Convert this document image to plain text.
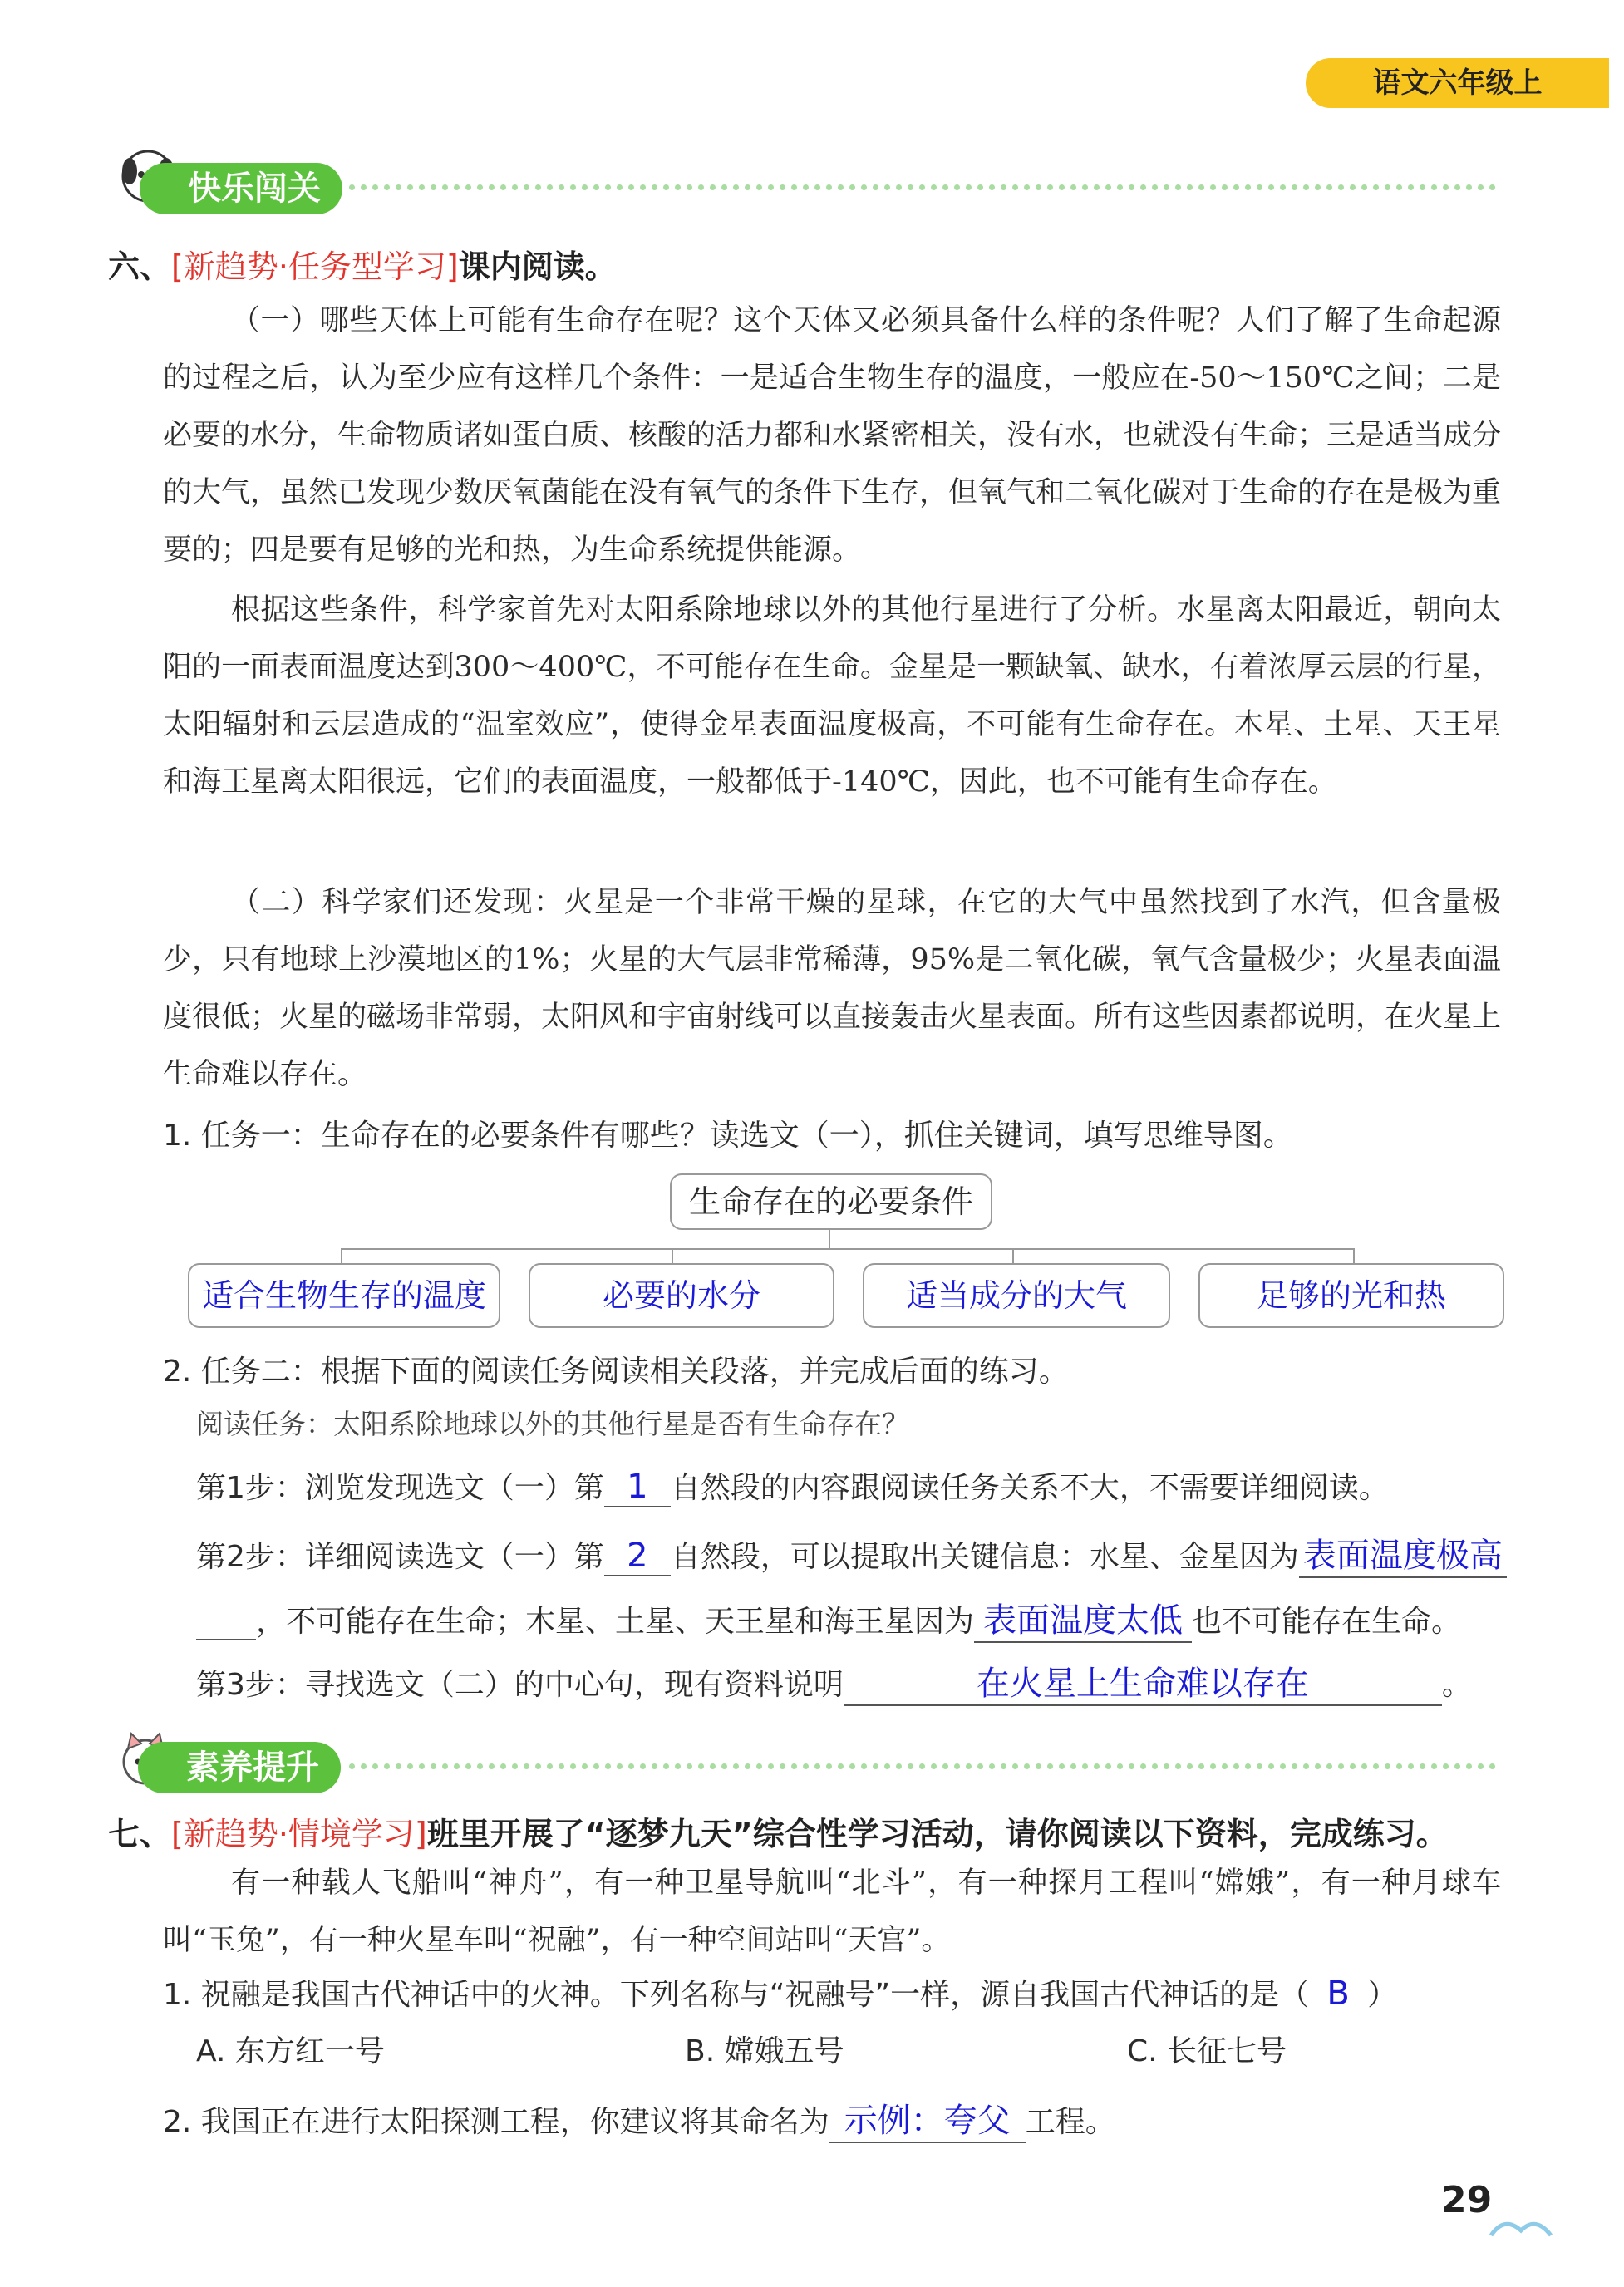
语文六年级上
快乐闯关
六、[新趋势·任务型学习]课内阅读。
（一）哪些天体上可能有生命存在呢？这个天体又必须具备什么样的条件呢？人们了解了生命起源的过程之后，认为至少应有这样几个条件：一是适合生物生存的温度，一般应在-50～150℃之间；二是必要的水分，生命物质诸如蛋白质、核酸的活力都和水紧密相关，没有水，也就没有生命；三是适当成分的大气，虽然已发现少数厌氧菌能在没有氧气的条件下生存，但氧气和二氧化碳对于生命的存在是极为重要的；四是要有足够的光和热，为生命系统提供能源。
根据这些条件，科学家首先对太阳系除地球以外的其他行星进行了分析。水星离太阳最近，朝向太阳的一面表面温度达到300～400℃，不可能存在生命。金星是一颗缺氧、缺水，有着浓厚云层的行星，太阳辐射和云层造成的“温室效应”，使得金星表面温度极高，不可能有生命存在。木星、土星、天王星和海王星离太阳很远，它们的表面温度，一般都低于-140℃，因此，也不可能有生命存在。
（二）科学家们还发现：火星是一个非常干燥的星球，在它的大气中虽然找到了水汽，但含量极少，只有地球上沙漠地区的1%；火星的大气层非常稀薄，95%是二氧化碳，氧气含量极少；火星表面温度很低；火星的磁场非常弱，太阳风和宇宙射线可以直接轰击火星表面。所有这些因素都说明，在火星上生命难以存在。
1. 任务一：生命存在的必要条件有哪些？读选文（一），抓住关键词，填写思维导图。
生命存在的必要条件
适合生物生存的温度	必要的水分	适当成分的大气	足够的光和热
2. 任务二：根据下面的阅读任务阅读相关段落，并完成后面的练习。
阅读任务：太阳系除地球以外的其他行星是否有生命存在？
第1步：浏览发现选文（一）第 1 自然段的内容跟阅读任务关系不大，不需要详细阅读。
第2步：详细阅读选文（一）第 2 自然段，可以提取出关键信息：水星、金星因为 表面温度极高
，不可能存在生命；木星、土星、天王星和海王星因为 表面温度太低 也不可能存在生命。
第3步：寻找选文（二）的中心句，现有资料说明	在火星上生命难以存在	。
素养提升
七、[新趋势·情境学习]班里开展了“逐梦九天”综合性学习活动，请你阅读以下资料，完成练习。
有一种载人飞船叫“神舟”，有一种卫星导航叫“北斗”，有一种探月工程叫“嫦娥”，有一种月球车叫“玉兔”，有一种火星车叫“祝融”，有一种空间站叫“天宫”。
1. 祝融是我国古代神话中的火神。下列名称与“祝融号”一样，源自我国古代神话的是（ B ）
A. 东方红一号	B. 嫦娥五号	C. 长征七号
2. 我国正在进行太阳探测工程，你建议将其命名为 示例：夸父 工程。
29
